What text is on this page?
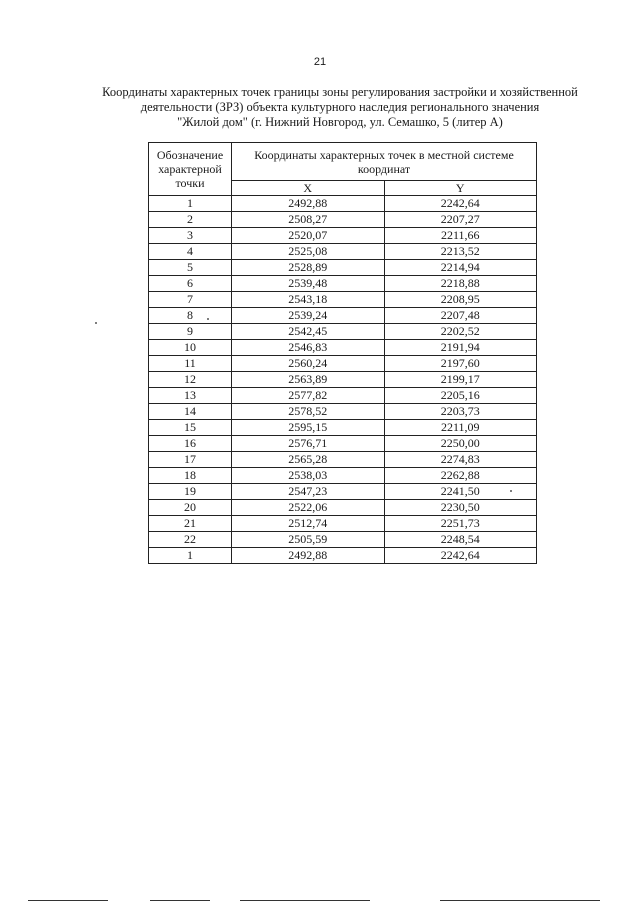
21
Координаты характерных точек границы зоны регулирования застройки и хозяйственной
деятельности (ЗРЗ) объекта культурного наследия регионального значения
"Жилой дом" (г. Нижний Новгород, ул. Семашко, 5 (литер А)
Обозначение характерной точки	Координаты характерных точек в местной системе координат	
	X	Y
1	2492,88	2242,64
2	2508,27	2207,27
3	2520,07	2211,66
4	2525,08	2213,52
5	2528,89	2214,94
6	2539,48	2218,88
7	2543,18	2208,95
8	2539,24	2207,48
9	2542,45	2202,52
10	2546,83	2191,94
11	2560,24	2197,60
12	2563,89	2199,17
13	2577,82	2205,16
14	2578,52	2203,73
15	2595,15	2211,09
16	2576,71	2250,00
17	2565,28	2274,83
18	2538,03	2262,88
19	2547,23	2241,50
20	2522,06	2230,50
21	2512,74	2251,73
22	2505,59	2248,54
1	2492,88	2242,64
